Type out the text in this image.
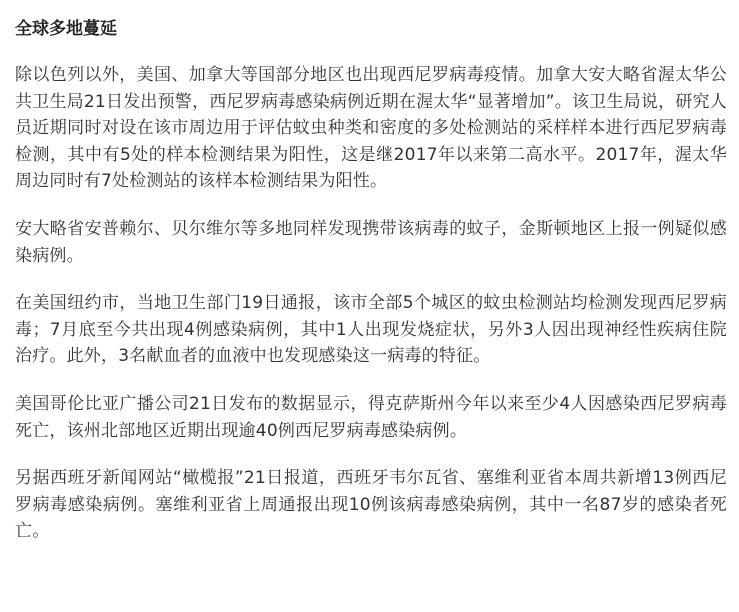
全球多地蔓延

除以色列以外，美国、加拿大等国部分地区也出现西尼罗病毒疫情。加拿大安大略省渥太华公共卫生局21日发出预警，西尼罗病毒感染病例近期在渥太华“显著增加”。该卫生局说，研究人员近期同时对设在该市周边用于评估蚊虫种类和密度的多处检测站的采样样本进行西尼罗病毒检测，其中有5处的样本检测结果为阳性，这是继2017年以来第二高水平。2017年，渥太华周边同时有7处检测站的该样本检测结果为阳性。

安大略省安普赖尔、贝尔维尔等多地同样发现携带该病毒的蚊子，金斯顿地区上报一例疑似感染病例。

在美国纽约市，当地卫生部门19日通报，该市全部5个城区的蚊虫检测站均检测发现西尼罗病毒；7月底至今共出现4例感染病例，其中1人出现发烧症状，另外3人因出现神经性疾病住院治疗。此外，3名献血者的血液中也发现感染这一病毒的特征。

美国哥伦比亚广播公司21日发布的数据显示，得克萨斯州今年以来至少4人因感染西尼罗病毒死亡，该州北部地区近期出现逾40例西尼罗病毒感染病例。

另据西班牙新闻网站“橄榄报”21日报道，西班牙韦尔瓦省、塞维利亚省本周共新增13例西尼罗病毒感染病例。塞维利亚省上周通报出现10例该病毒感染病例，其中一名87岁的感染者死亡。
